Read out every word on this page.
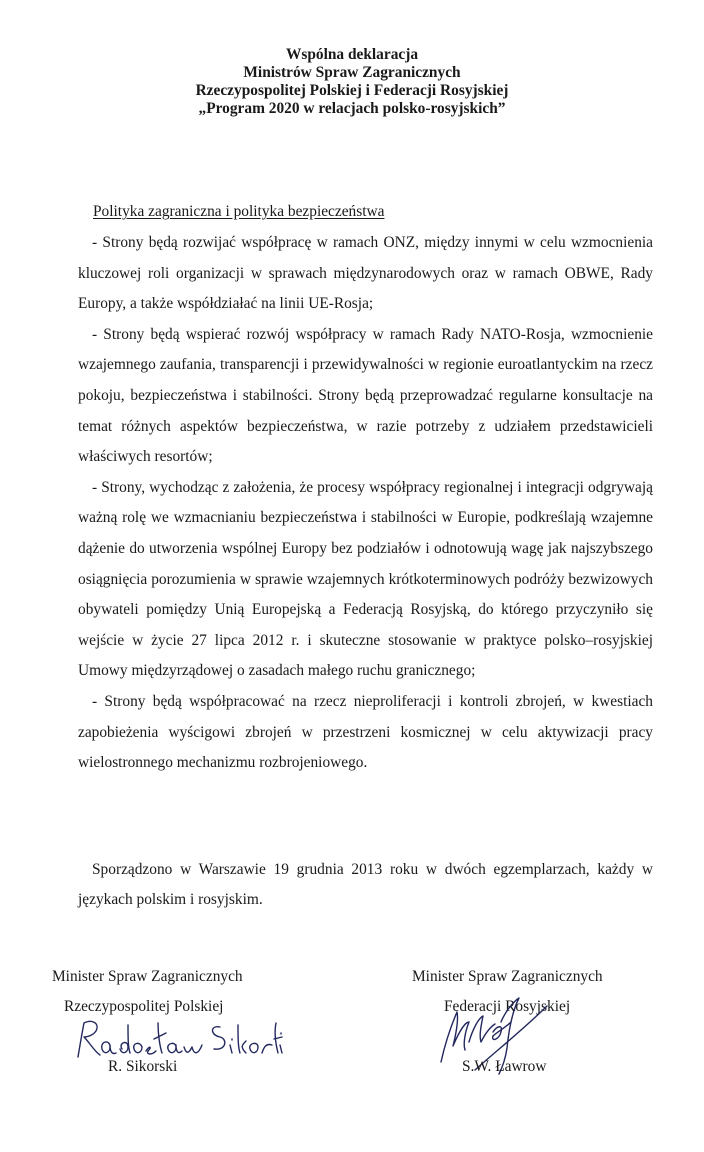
Wspólna deklaracja
Ministrów Spraw Zagranicznych
Rzeczypospolitej Polskiej i Federacji Rosyjskiej
„Program 2020 w relacjach polsko-rosyjskich”
Polityka zagraniczna i polityka bezpieczeństwa

- Strony będą rozwijać współpracę w ramach ONZ, między innymi w celu wzmocnienia kluczowej roli organizacji w sprawach międzynarodowych oraz w ramach OBWE, Rady Europy, a także współdziałać na linii UE-Rosja;

- Strony będą wspierać rozwój współpracy w ramach Rady NATO-Rosja, wzmocnienie wzajemnego zaufania, transparencji i przewidywalności w regionie euroatlantyckim na rzecz pokoju, bezpieczeństwa i stabilności. Strony będą przeprowadzać regularne konsultacje na temat różnych aspektów bezpieczeństwa, w razie potrzeby z udziałem przedstawicieli właściwych resortów;

- Strony, wychodząc z założenia, że procesy współpracy regionalnej i integracji odgrywają ważną rolę we wzmacnianiu bezpieczeństwa i stabilności w Europie, podkreślają wzajemne dążenie do utworzenia wspólnej Europy bez podziałów i odnotowują wagę jak najszybszego osiągnięcia porozumienia w sprawie wzajemnych krótkoterminowych podróży bezwizowych obywateli pomiędzy Unią Europejską a Federacją Rosyjską, do którego przyczyniło się wejście w życie 27 lipca 2012 r. i skuteczne stosowanie w praktyce polsko–rosyjskiej Umowy międzyrządowej o zasadach małego ruchu granicznego;

- Strony będą współpracować na rzecz nieproliferacji i kontroli zbrojeń, w kwestiach zapobieżenia wyścigowi zbrojeń w przestrzeni kosmicznej w celu aktywizacji pracy wielostronnego mechanizmu rozbrojeniowego.

Sporządzono w Warszawie 19 grudnia 2013 roku w dwóch egzemplarzach, każdy w językach polskim i rosyjskim.
Minister Spraw Zagranicznych
Rzeczypospolitej Polskiej
R. Sikorski
Minister Spraw Zagranicznych
Federacji Rosyjskiej
S.W. Ławrow
